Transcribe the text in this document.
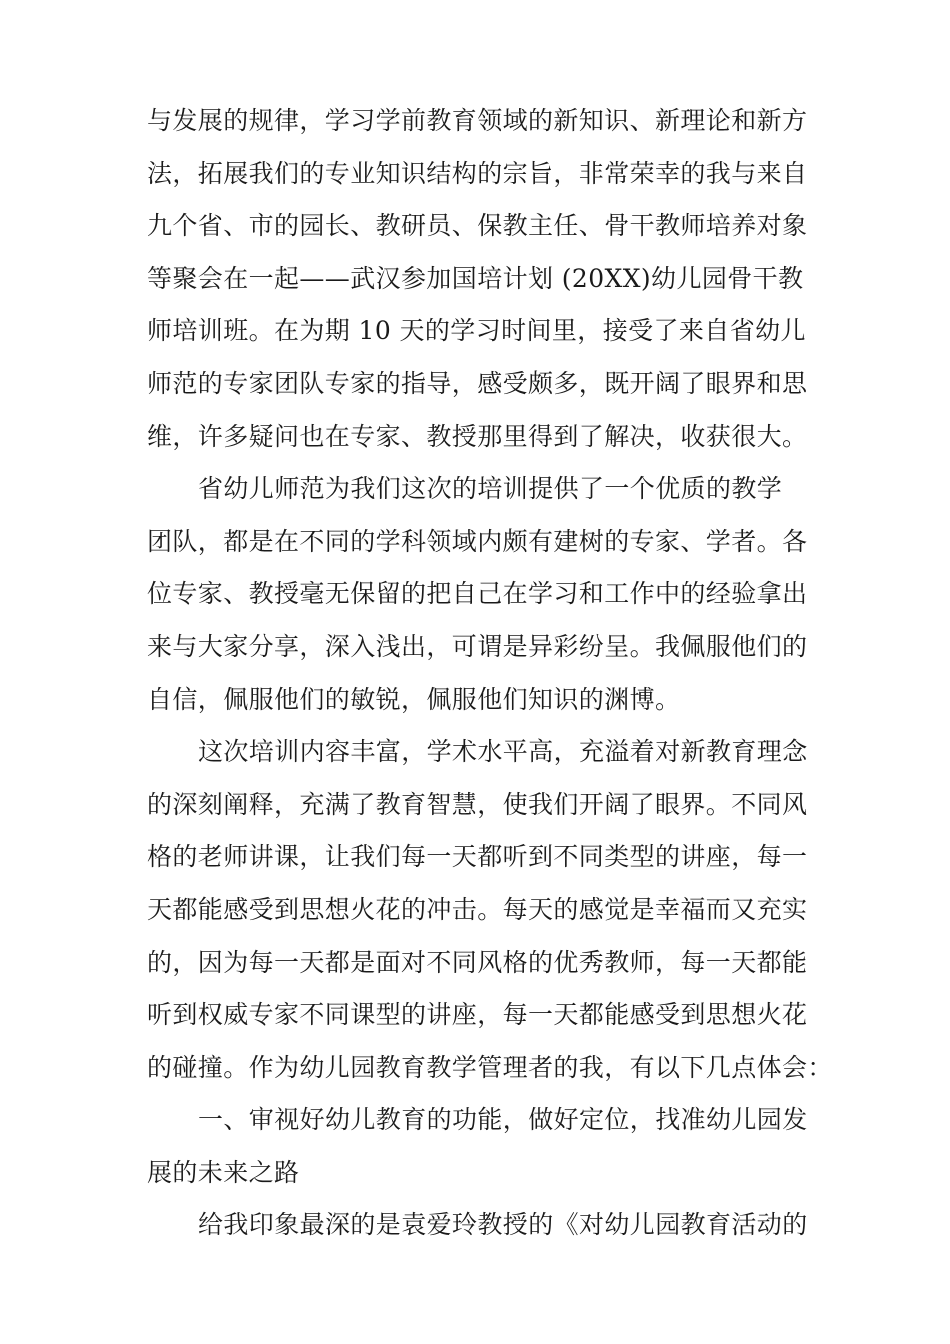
与发展的规律，学习学前教育领域的新知识、新理论和新方
法，拓展我们的专业知识结构的宗旨，非常荣幸的我与来自
九个省、市的园长、教研员、保教主任、骨干教师培养对象
等聚会在一起——武汉参加国培计划 (20XX)幼儿园骨干教
师培训班。在为期 10 天的学习时间里，接受了来自省幼儿
师范的专家团队专家的指导，感受颇多，既开阔了眼界和思
维，许多疑问也在专家、教授那里得到了解决，收获很大。
省幼儿师范为我们这次的培训提供了一个优质的教学
团队，都是在不同的学科领域内颇有建树的专家、学者。各
位专家、教授毫无保留的把自己在学习和工作中的经验拿出
来与大家分享，深入浅出，可谓是异彩纷呈。我佩服他们的
自信，佩服他们的敏锐，佩服他们知识的渊博。
这次培训内容丰富，学术水平高，充溢着对新教育理念
的深刻阐释，充满了教育智慧，使我们开阔了眼界。不同风
格的老师讲课，让我们每一天都听到不同类型的讲座，每一
天都能感受到思想火花的冲击。每天的感觉是幸福而又充实
的，因为每一天都是面对不同风格的优秀教师，每一天都能
听到权威专家不同课型的讲座，每一天都能感受到思想火花
的碰撞。作为幼儿园教育教学管理者的我，有以下几点体会：
一、审视好幼儿教育的功能，做好定位，找准幼儿园发
展的未来之路
给我印象最深的是袁爱玲教授的《对幼儿园教育活动的
